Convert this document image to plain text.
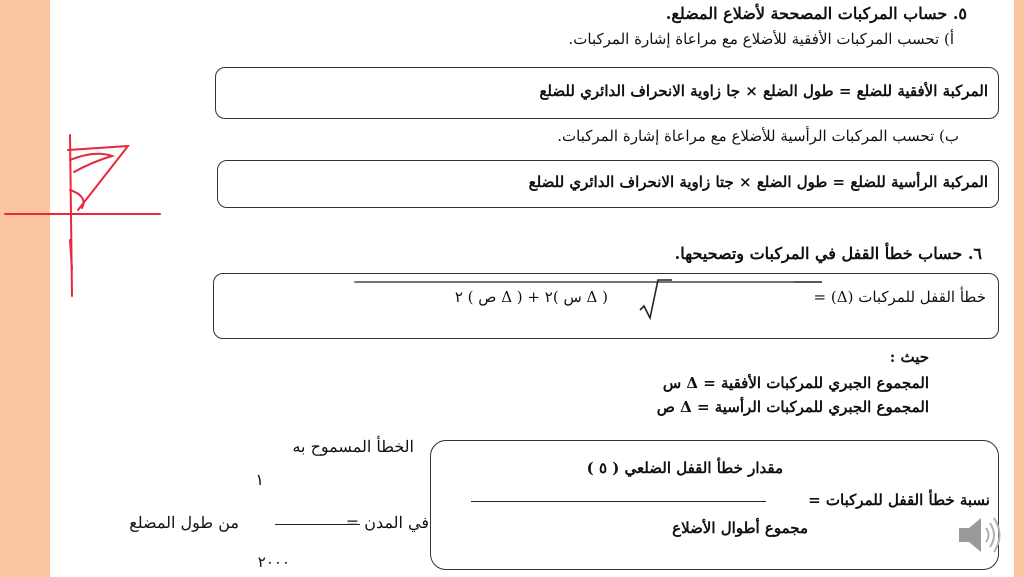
٥. حساب المركبات المصححة لأضلاع المضلع.
أ) تحسب المركبات الأفقية للأضلاع مع مراعاة إشارة المركبات.
المركبة الأفقية للضلع = طول الضلع × جا زاوية الانحراف الدائري للضلع
ب) تحسب المركبات الرأسية للأضلاع مع مراعاة إشارة المركبات.
المركبة الرأسية للضلع = طول الضلع × جتا زاوية الانحراف الدائري للضلع
٦. حساب خطأ القفل في المركبات وتصحيحها.
خطأ القفل للمركبات (Δ) =
( Δ س )٢ + ( Δ ص ) ٢
حيث :
المجموع الجبري للمركبات الأفقية = Δ س
المجموع الجبري للمركبات الرأسية = Δ ص
مقدار خطأ القفل الضلعي ( ٥ )
نسبة خطأ القفل للمركبات =
مجموع أطوال الأضلاع
الخطأ المسموح به
١
في المدن =
من طول المضلع
٢٠٠٠
